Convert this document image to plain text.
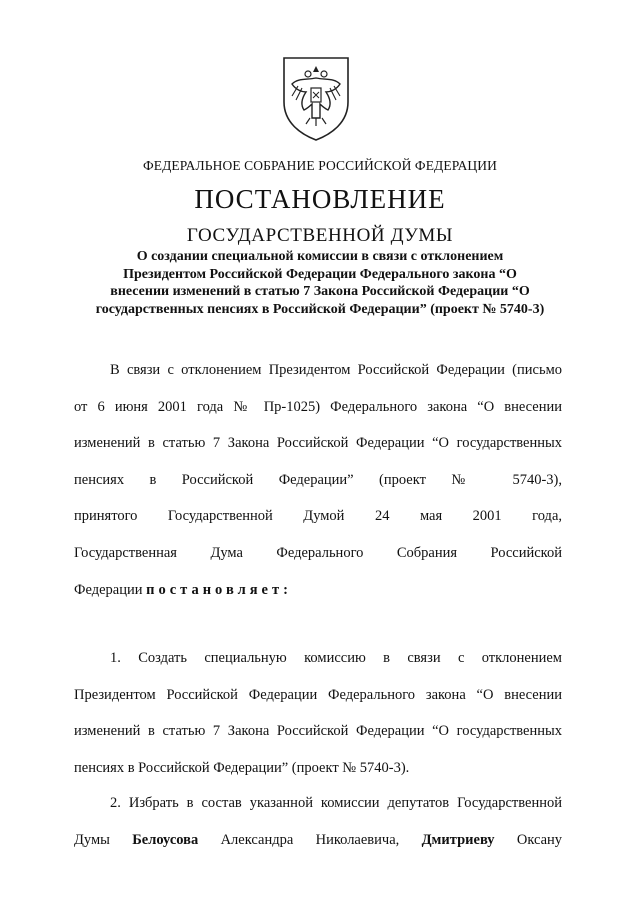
ФЕДЕРАЛЬНОЕ СОБРАНИЕ РОССИЙСКОЙ ФЕДЕРАЦИИ
ПОСТАНОВЛЕНИЕ
ГОСУДАРСТВЕННОЙ ДУМЫ
О создании специальной комиссии в связи с отклонением
Президентом Российской Федерации Федерального закона “О
внесении изменений в статью 7 Закона Российской Федерации “О
государственных пенсиях в Российской Федерации” (проект № 5740-3)
В связи с отклонением Президентом Российской Федерации (письмо
от 6 июня 2001 года № Пр-1025) Федерального закона “О внесении
изменений в статью 7 Закона Российской Федерации “О государственных
пенсиях в Российской Федерации” (проект № 5740-3),
принятого Государственной Думой 24 мая 2001 года,
Государственная Дума Федерального Собрания Российской
Федерации постановляет:
1. Создать специальную комиссию в связи с отклонением
Президентом Российской Федерации Федерального закона “О внесении
изменений в статью 7 Закона Российской Федерации “О государственных
пенсиях в Российской Федерации” (проект № 5740-3).
2. Избрать в состав указанной комиссии депутатов Государственной
Думы Белоусова Александра Николаевича, Дмитриеву Оксану
